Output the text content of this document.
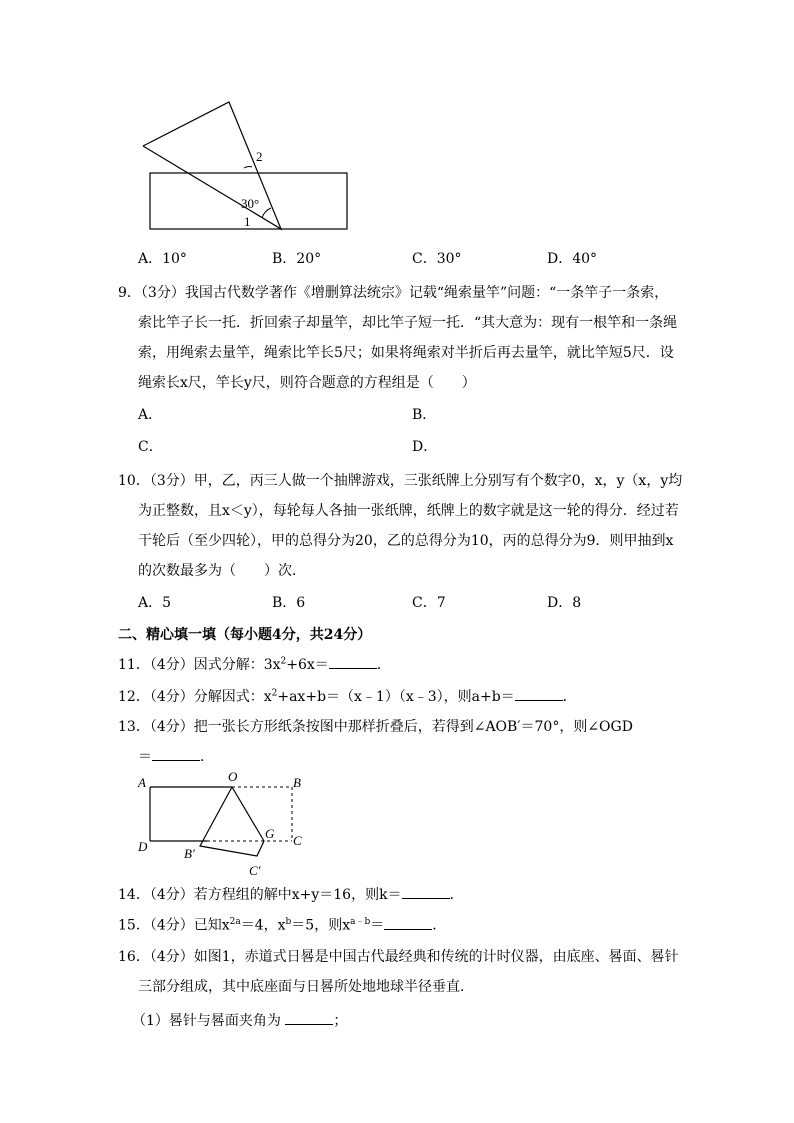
2
30°
1
A．10°	B．20°	C．30°	D．40°
9．（3分）我国古代数学著作《增删算法统宗》记载“绳索量竿”问题：“一条竿子一条索，
索比竿子长一托．折回索子却量竿，却比竿子短一托．“其大意为：现有一根竿和一条绳
索，用绳索去量竿，绳索比竿长5尺；如果将绳索对半折后再去量竿，就比竿短5尺．设
绳索长x尺，竿长y尺，则符合题意的方程组是（　　）
A．	B．
C．	D．
10．（3分）甲，乙，丙三人做一个抽牌游戏，三张纸牌上分别写有个数字0，x，y（x，y均
为正整数，且x＜y），每轮每人各抽一张纸牌，纸牌上的数字就是这一轮的得分．经过若
干轮后（至少四轮），甲的总得分为20，乙的总得分为10，丙的总得分为9．则甲抽到x
的次数最多为（　　）次．
A．5	B．6	C．7	D．8
二、精心填一填（每小题4分，共24分）
11．（4分）因式分解：$3x^2+6x=$	．
12．（4分）分解因式：$x^2+ax+b=(x﹣1)(x﹣3)$，则a+b＝	．
13．（4分）把一张长方形纸条按图中那样折叠后，若得到∠AOB′＝70°，则∠OGD
＝	．
A	O	B
G C
D	B′
C′
14．（4分）若方程组的解中x+y＝16，则k＝	．
15．（4分）已知$x^{2a}=4$，$x^b=5$，则$x^{a﹣b}=$	．
16．（4分）如图1，赤道式日晷是中国古代最经典和传统的计时仪器，由底座、晷面、晷针
三部分组成，其中底座面与日晷所处地地球半径垂直．
（1）晷针与晷面夹角为	；
